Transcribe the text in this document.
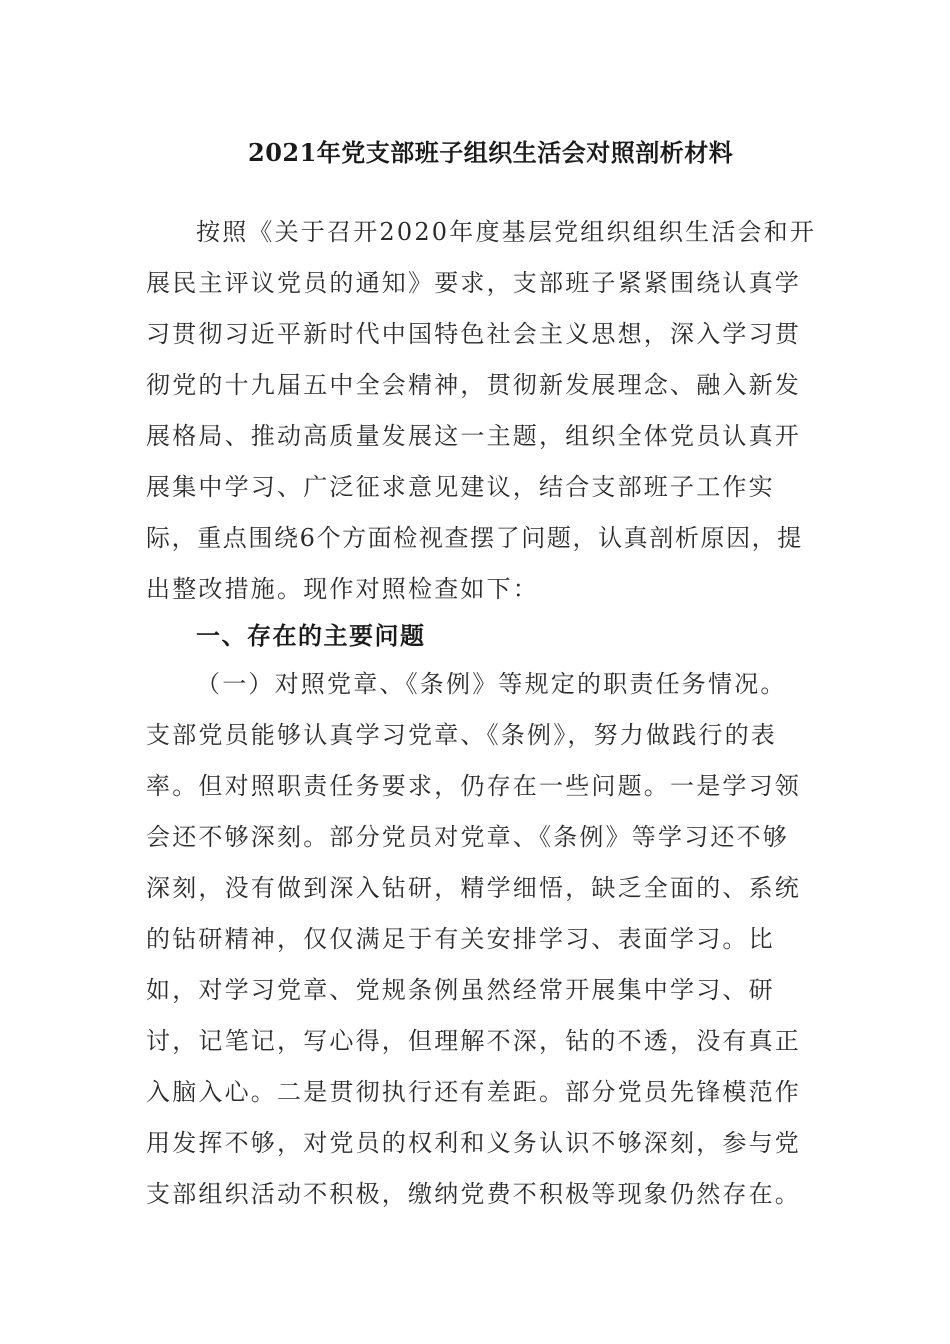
2021年党支部班子组织生活会对照剖析材料
按照《关于召开2020年度基层党组织组织生活会和开
展民主评议党员的通知》要求，支部班子紧紧围绕认真学
习贯彻习近平新时代中国特色社会主义思想，深入学习贯
彻党的十九届五中全会精神，贯彻新发展理念、融入新发
展格局、推动高质量发展这一主题，组织全体党员认真开
展集中学习、广泛征求意见建议，结合支部班子工作实
际，重点围绕6个方面检视查摆了问题，认真剖析原因，提
出整改措施。现作对照检查如下：
一、存在的主要问题
（一）对照党章、《条例》等规定的职责任务情况。
支部党员能够认真学习党章、《条例》，努力做践行的表
率。但对照职责任务要求，仍存在一些问题。一是学习领
会还不够深刻。部分党员对党章、《条例》等学习还不够
深刻，没有做到深入钻研，精学细悟，缺乏全面的、系统
的钻研精神，仅仅满足于有关安排学习、表面学习。比
如，对学习党章、党规条例虽然经常开展集中学习、研
讨，记笔记，写心得，但理解不深，钻的不透，没有真正
入脑入心。二是贯彻执行还有差距。部分党员先锋模范作
用发挥不够，对党员的权利和义务认识不够深刻，参与党
支部组织活动不积极，缴纳党费不积极等现象仍然存在。
